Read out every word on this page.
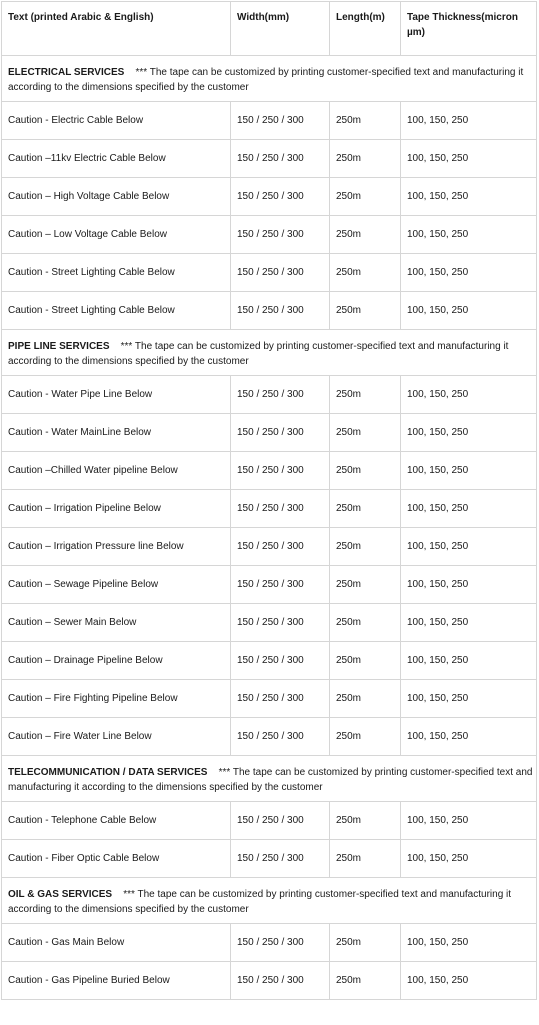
Text (printed Arabic & English)	Width(mm)	Length(m)	Tape Thickness(micron µm)
ELECTRICAL SERVICES *** The tape can be customized by printing customer-specified text and manufacturing it according to the dimensions specified by the customer			
Caution - Electric Cable Below	150 / 250 / 300	250m	100, 150, 250
Caution –11kv Electric Cable Below	150 / 250 / 300	250m	100, 150, 250
Caution – High Voltage Cable Below	150 / 250 / 300	250m	100, 150, 250
Caution – Low Voltage Cable Below	150 / 250 / 300	250m	100, 150, 250
Caution - Street Lighting Cable Below	150 / 250 / 300	250m	100, 150, 250
Caution - Street Lighting Cable Below	150 / 250 / 300	250m	100, 150, 250
PIPE LINE SERVICES *** The tape can be customized by printing customer-specified text and manufacturing it according to the dimensions specified by the customer			
Caution - Water Pipe Line Below	150 / 250 / 300	250m	100, 150, 250
Caution - Water MainLine Below	150 / 250 / 300	250m	100, 150, 250
Caution –Chilled Water pipeline Below	150 / 250 / 300	250m	100, 150, 250
Caution – Irrigation Pipeline Below	150 / 250 / 300	250m	100, 150, 250
Caution – Irrigation Pressure line Below	150 / 250 / 300	250m	100, 150, 250
Caution – Sewage Pipeline Below	150 / 250 / 300	250m	100, 150, 250
Caution – Sewer Main Below	150 / 250 / 300	250m	100, 150, 250
Caution – Drainage Pipeline Below	150 / 250 / 300	250m	100, 150, 250
Caution – Fire Fighting Pipeline Below	150 / 250 / 300	250m	100, 150, 250
Caution – Fire Water Line Below	150 / 250 / 300	250m	100, 150, 250
TELECOMMUNICATION / DATA SERVICES *** The tape can be customized by printing customer-specified text and manufacturing it according to the dimensions specified by the customer			
Caution - Telephone Cable Below	150 / 250 / 300	250m	100, 150, 250
Caution - Fiber Optic Cable Below	150 / 250 / 300	250m	100, 150, 250
OIL & GAS SERVICES *** The tape can be customized by printing customer-specified text and manufacturing it according to the dimensions specified by the customer			
Caution - Gas Main Below	150 / 250 / 300	250m	100, 150, 250
Caution - Gas Pipeline Buried Below	150 / 250 / 300	250m	100, 150, 250
